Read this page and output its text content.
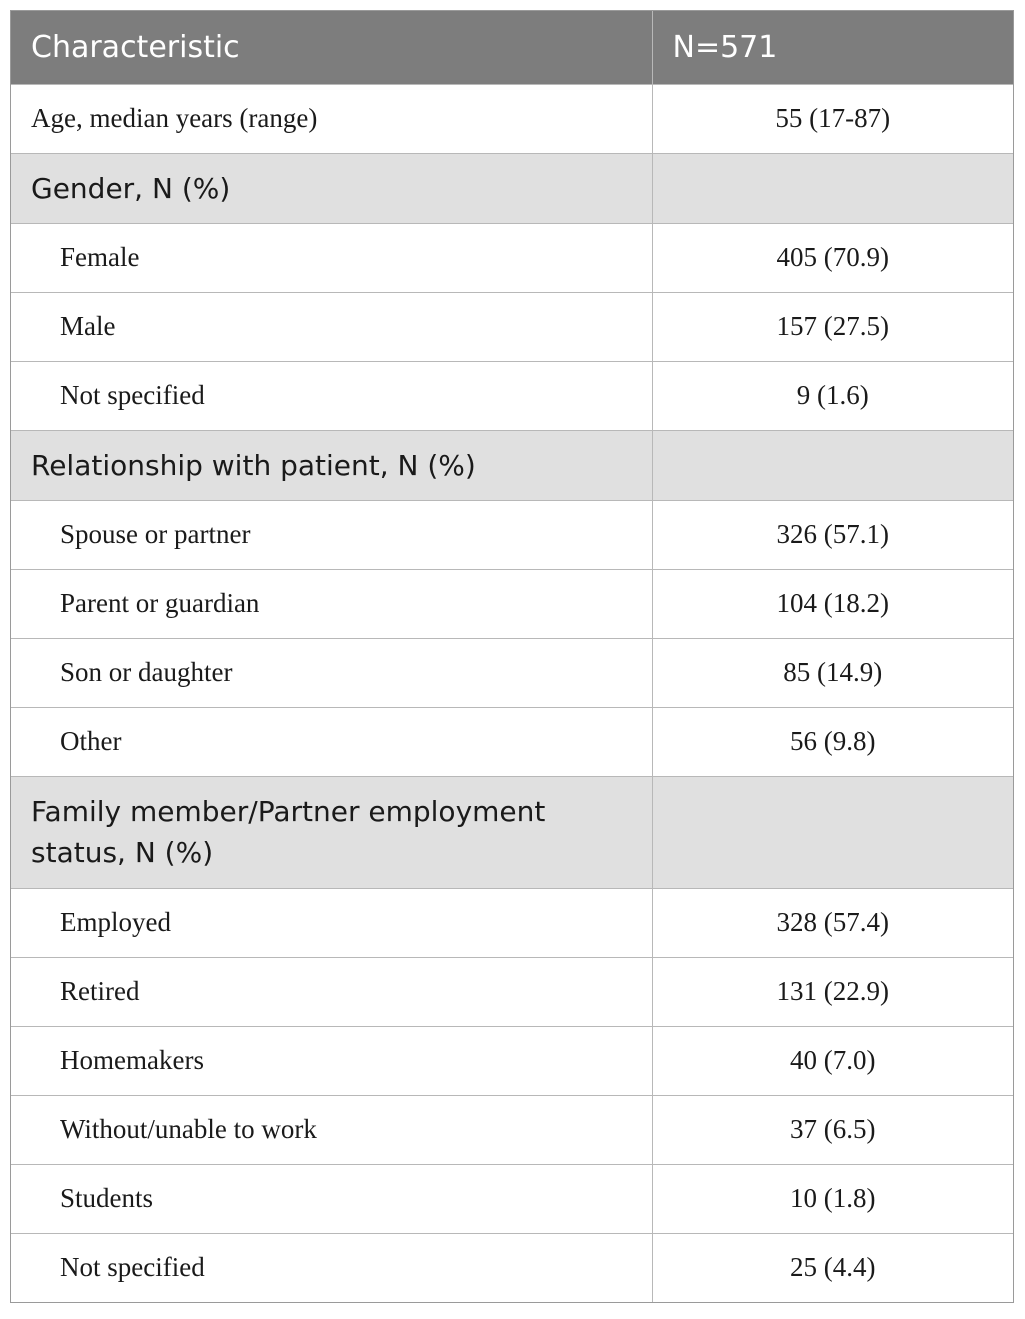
Characteristic	N=571
Age, median years (range)	55 (17-87)
Gender, N (%)	
Female	405 (70.9)
Male	157 (27.5)
Not specified	9 (1.6)
Relationship with patient, N (%)	
Spouse or partner	326 (57.1)
Parent or guardian	104 (18.2)
Son or daughter	85 (14.9)
Other	56 (9.8)
Family member/Partner employment
status, N (%)	
Employed	328 (57.4)
Retired	131 (22.9)
Homemakers	40 (7.0)
Without/unable to work	37 (6.5)
Students	10 (1.8)
Not specified	25 (4.4)
